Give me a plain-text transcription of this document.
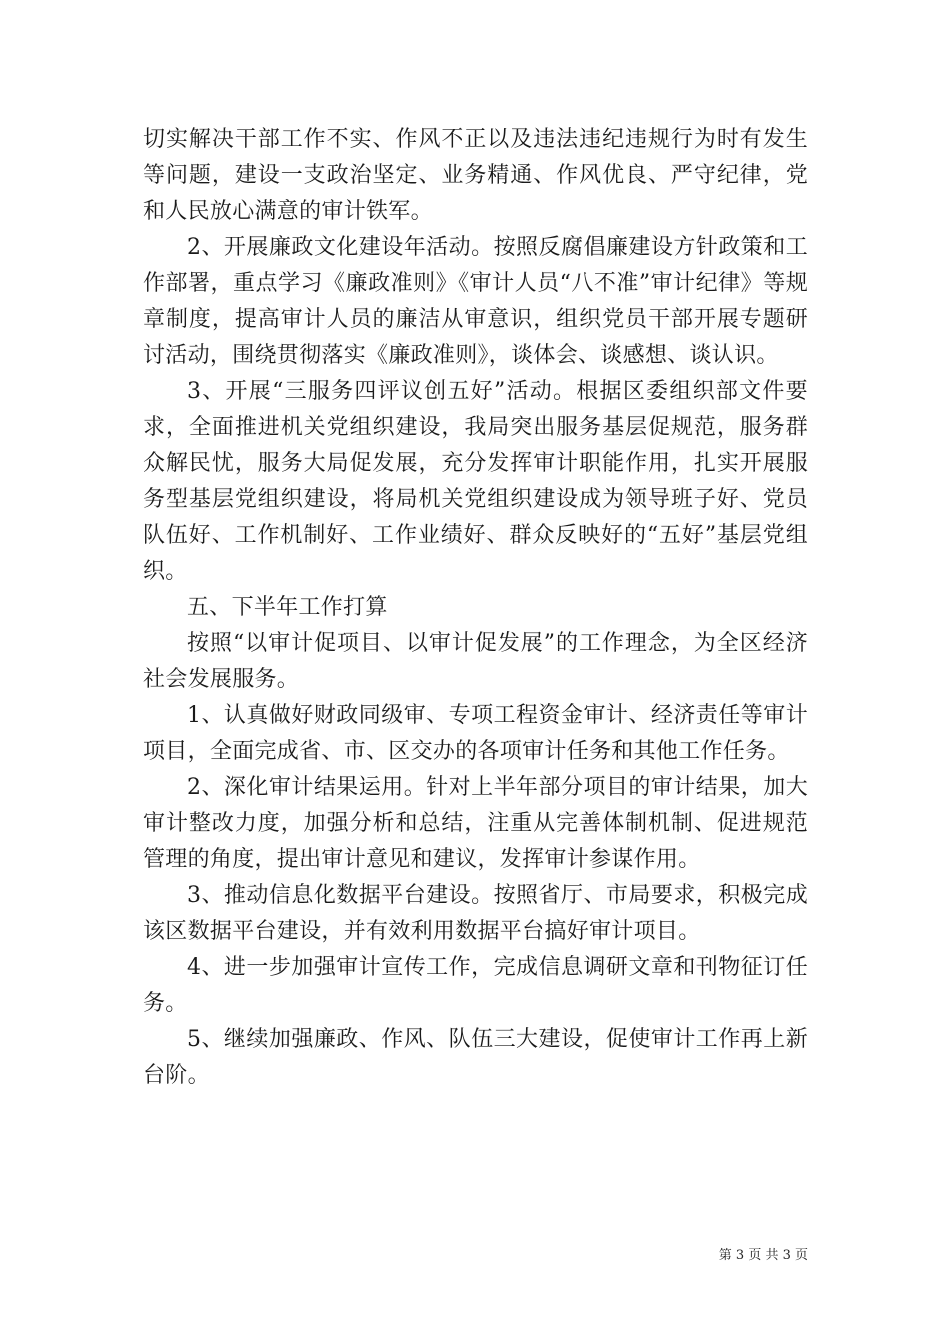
切实解决干部工作不实、作风不正以及违法违纪违规行为时有发生等问题，建设一支政治坚定、业务精通、作风优良、严守纪律，党和人民放心满意的审计铁军。

2、开展廉政文化建设年活动。按照反腐倡廉建设方针政策和工作部署，重点学习《廉政准则》《审计人员“八不准”审计纪律》等规章制度，提高审计人员的廉洁从审意识，组织党员干部开展专题研讨活动，围绕贯彻落实《廉政准则》，谈体会、谈感想、谈认识。

3、开展“三服务四评议创五好”活动。根据区委组织部文件要求，全面推进机关党组织建设，我局突出服务基层促规范，服务群众解民忧，服务大局促发展，充分发挥审计职能作用，扎实开展服务型基层党组织建设，将局机关党组织建设成为领导班子好、党员队伍好、工作机制好、工作业绩好、群众反映好的“五好”基层党组织。

五、下半年工作打算

按照“以审计促项目、以审计促发展”的工作理念，为全区经济社会发展服务。

1、认真做好财政同级审、专项工程资金审计、经济责任等审计项目，全面完成省、市、区交办的各项审计任务和其他工作任务。

2、深化审计结果运用。针对上半年部分项目的审计结果，加大审计整改力度，加强分析和总结，注重从完善体制机制、促进规范管理的角度，提出审计意见和建议，发挥审计参谋作用。

3、推动信息化数据平台建设。按照省厅、市局要求，积极完成该区数据平台建设，并有效利用数据平台搞好审计项目。

4、进一步加强审计宣传工作，完成信息调研文章和刊物征订任务。

5、继续加强廉政、作风、队伍三大建设，促使审计工作再上新台阶。

第 3 页 共 3 页
